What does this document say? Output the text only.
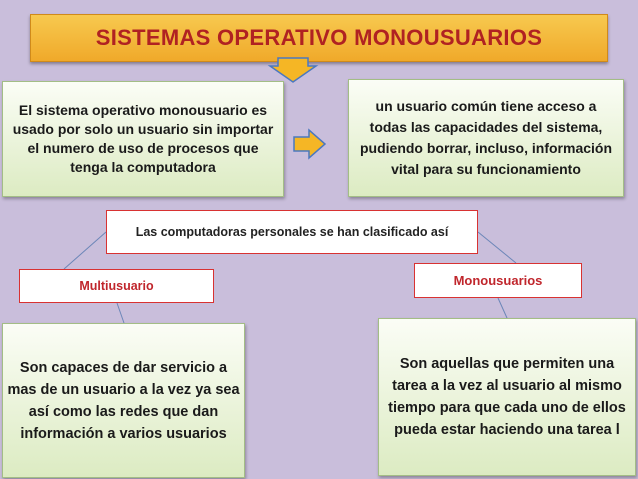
SISTEMAS OPERATIVO MONOUSUARIOS
El sistema operativo monousuario es usado por solo un usuario sin importar el numero de uso de procesos que tenga la computadora
un usuario común tiene acceso a todas las capacidades del sistema, pudiendo borrar, incluso, información vital para su funcionamiento
Las computadoras personales se han clasificado así
Multiusuario	Monousuarios
Son capaces de dar servicio a mas de un usuario a la vez ya sea así como las redes que dan información a varios usuarios
Son aquellas que permiten una tarea a la vez al usuario al mismo tiempo para que cada uno de ellos pueda estar haciendo una tarea l
